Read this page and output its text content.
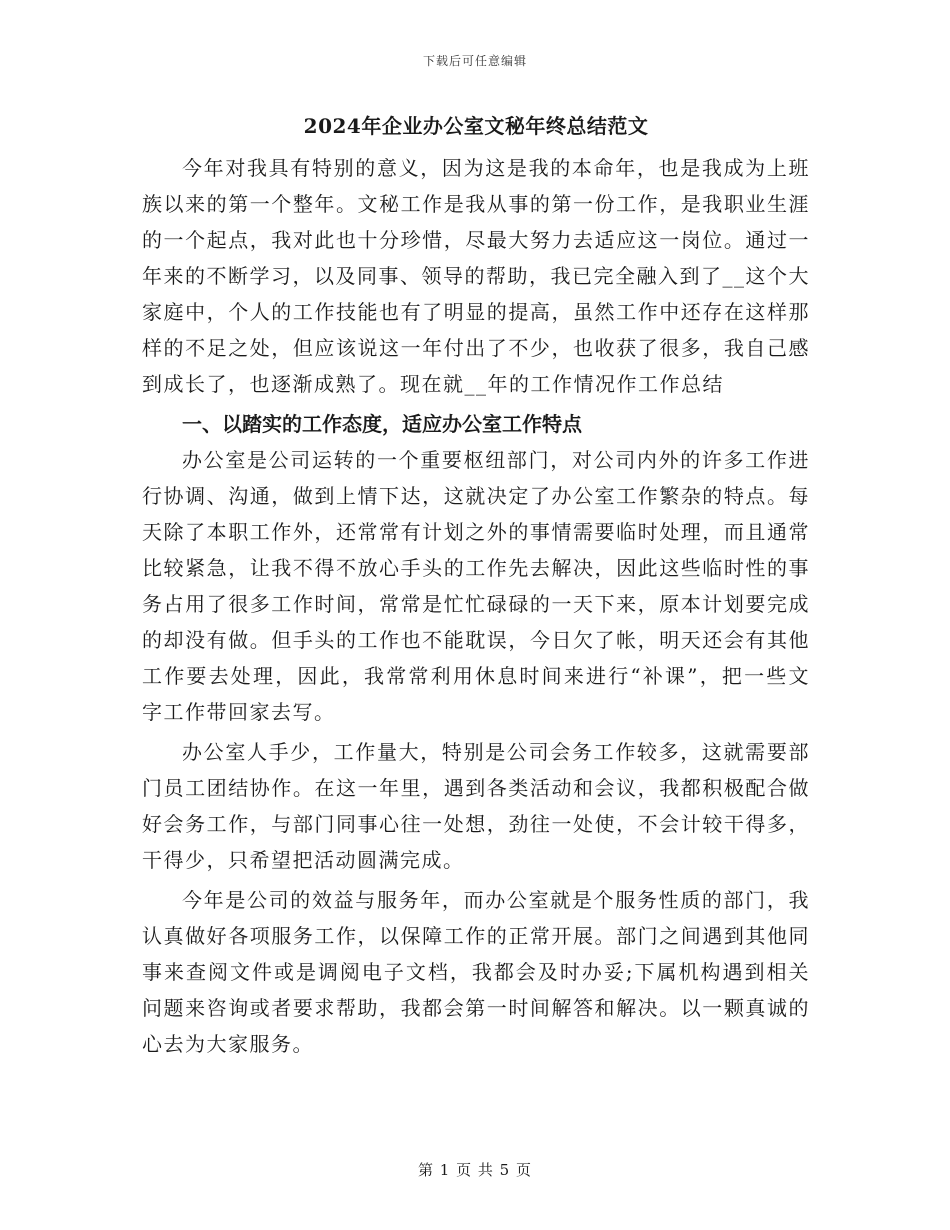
下载后可任意编辑
2024年企业办公室文秘年终总结范文

今年对我具有特别的意义，因为这是我的本命年，也是我成为上班族以来的第一个整年。文秘工作是我从事的第一份工作，是我职业生涯的一个起点，我对此也十分珍惜，尽最大努力去适应这一岗位。通过一年来的不断学习，以及同事、领导的帮助，我已完全融入到了__这个大家庭中，个人的工作技能也有了明显的提高，虽然工作中还存在这样那样的不足之处，但应该说这一年付出了不少，也收获了很多，我自己感到成长了，也逐渐成熟了。现在就__年的工作情况作工作总结

一、以踏实的工作态度，适应办公室工作特点

办公室是公司运转的一个重要枢纽部门，对公司内外的许多工作进行协调、沟通，做到上情下达，这就决定了办公室工作繁杂的特点。每天除了本职工作外，还常常有计划之外的事情需要临时处理，而且通常比较紧急，让我不得不放心手头的工作先去解决，因此这些临时性的事务占用了很多工作时间，常常是忙忙碌碌的一天下来，原本计划要完成的却没有做。但手头的工作也不能耽误，今日欠了帐，明天还会有其他工作要去处理，因此，我常常利用休息时间来进行“补课”，把一些文字工作带回家去写。

办公室人手少，工作量大，特别是公司会务工作较多，这就需要部门员工团结协作。在这一年里，遇到各类活动和会议，我都积极配合做好会务工作，与部门同事心往一处想，劲往一处使，不会计较干得多，干得少，只希望把活动圆满完成。

今年是公司的效益与服务年，而办公室就是个服务性质的部门，我认真做好各项服务工作，以保障工作的正常开展。部门之间遇到其他同事来查阅文件或是调阅电子文档，我都会及时办妥;下属机构遇到相关问题来咨询或者要求帮助，我都会第一时间解答和解决。以一颗真诚的心去为大家服务。

第 1 页 共 5 页
